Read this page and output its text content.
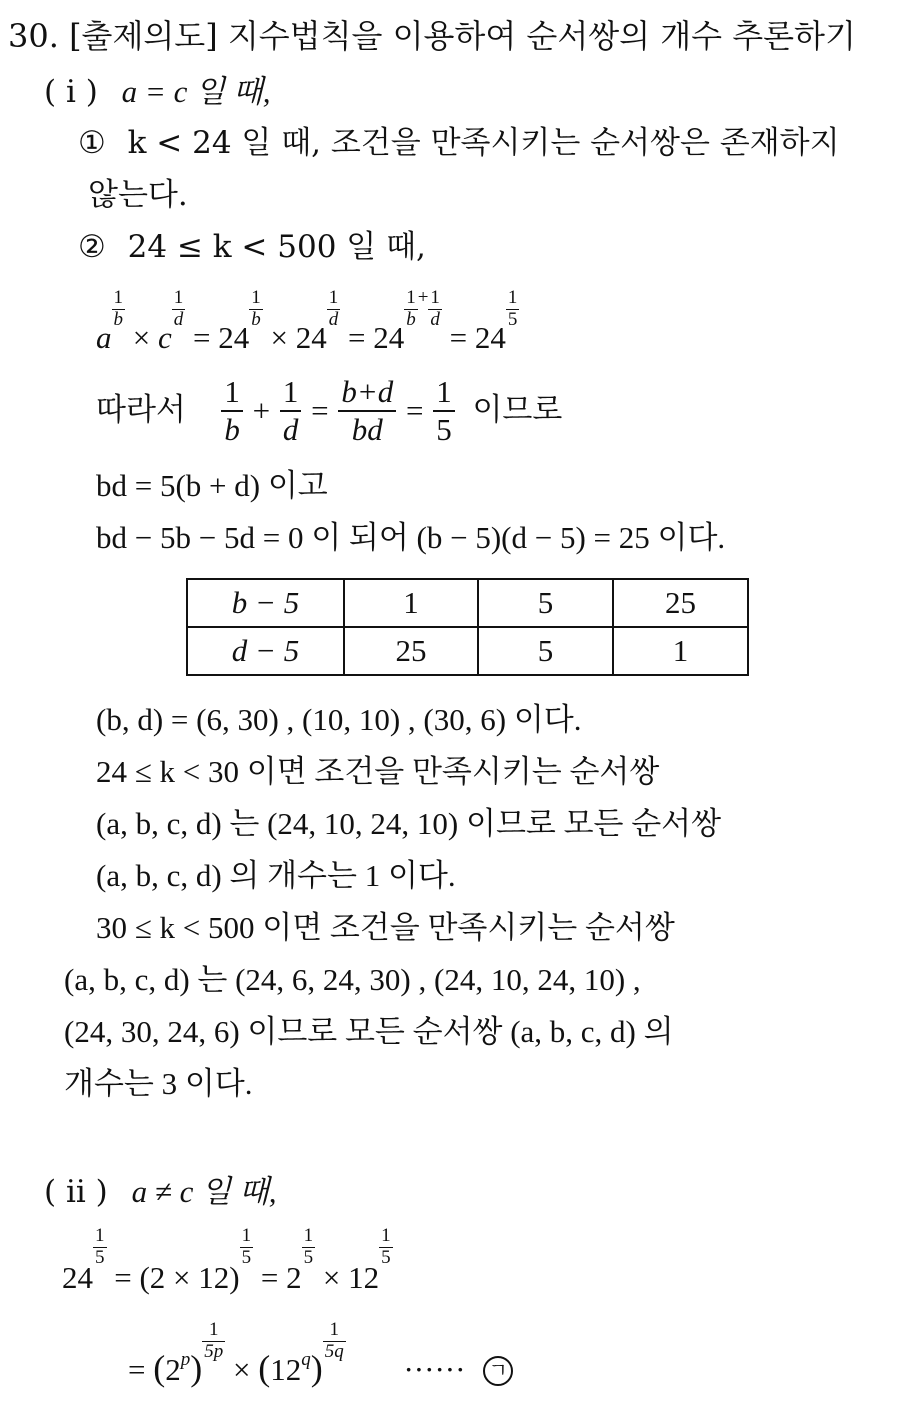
30. [출제의도] 지수법칙을 이용하여 순서쌍의 개수 추론하기
( i ) a = c 일 때,
① k < 24 일 때, 조건을 만족시키는 순서쌍은 존재하지
않는다.
② 24 ≤ k < 500 일 때,
a
$\frac{1}{b}$
× c
$\frac{1}{d}$
= 24
$\frac{1}{b}$
× 24
$\frac{1}{d}$
= 24
$\frac{1}{b} ^+ \frac{1}{d}$
= 24
$\frac{1}{5}$
따라서 $\frac{1}{b} + \frac{1}{d} = \frac{b+d}{bd} = \frac{1}{5}$ 이므로
bd = 5(b + d) 이고
bd − 5b − 5d = 0 이 되어 (b − 5)(d − 5) = 25 이다.
b − 5	1	5	25
d − 5	25	5	1
(b, d) = (6, 30) , (10, 10) , (30, 6) 이다.
24 ≤ k < 30 이면 조건을 만족시키는 순서쌍
(a, b, c, d) 는 (24, 10, 24, 10) 이므로 모든 순서쌍
(a, b, c, d) 의 개수는 1 이다.
30 ≤ k < 500 이면 조건을 만족시키는 순서쌍
(a, b, c, d) 는 (24, 6, 24, 30) , (24, 10, 24, 10) ,
(24, 30, 24, 6) 이므로 모든 순서쌍 (a, b, c, d) 의
개수는 3 이다.
( ii ) a ≠ c 일 때,
24
$\frac{1}{5}$
= (2 × 12)
$\frac{1}{5}$
= 2
$\frac{1}{5}$
× 12
$\frac{1}{5}$
= $(2^p)$
$\frac{1}{5p}$
× $(12^q)$
$\frac{1}{5q}$
······ ㄱ
